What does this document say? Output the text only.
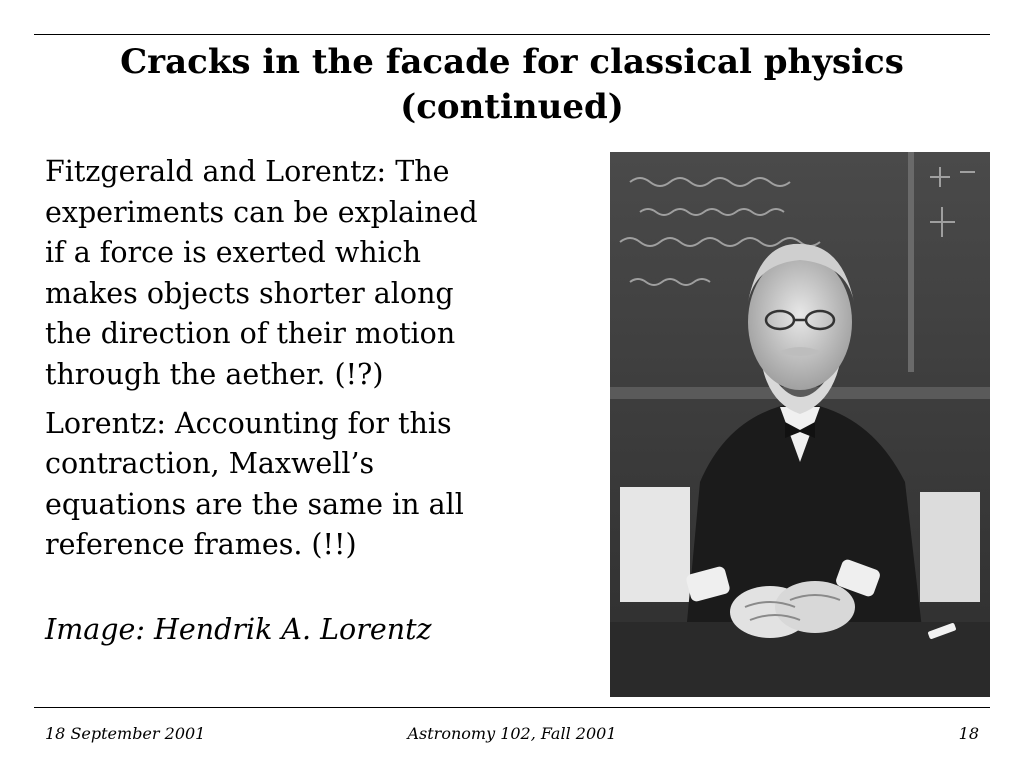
Cracks in the facade for classical physics
(continued)

Fitzgerald and Lorentz: The
experiments can be explained
if a force is exerted which
makes objects shorter along
the direction of their motion
through the aether. (!?)

Lorentz: Accounting for this
contraction, Maxwell’s
equations are the same in all
reference frames. (!!)

Image: Hendrik A. Lorentz
18 September 2001	Astronomy 102, Fall 2001	18
